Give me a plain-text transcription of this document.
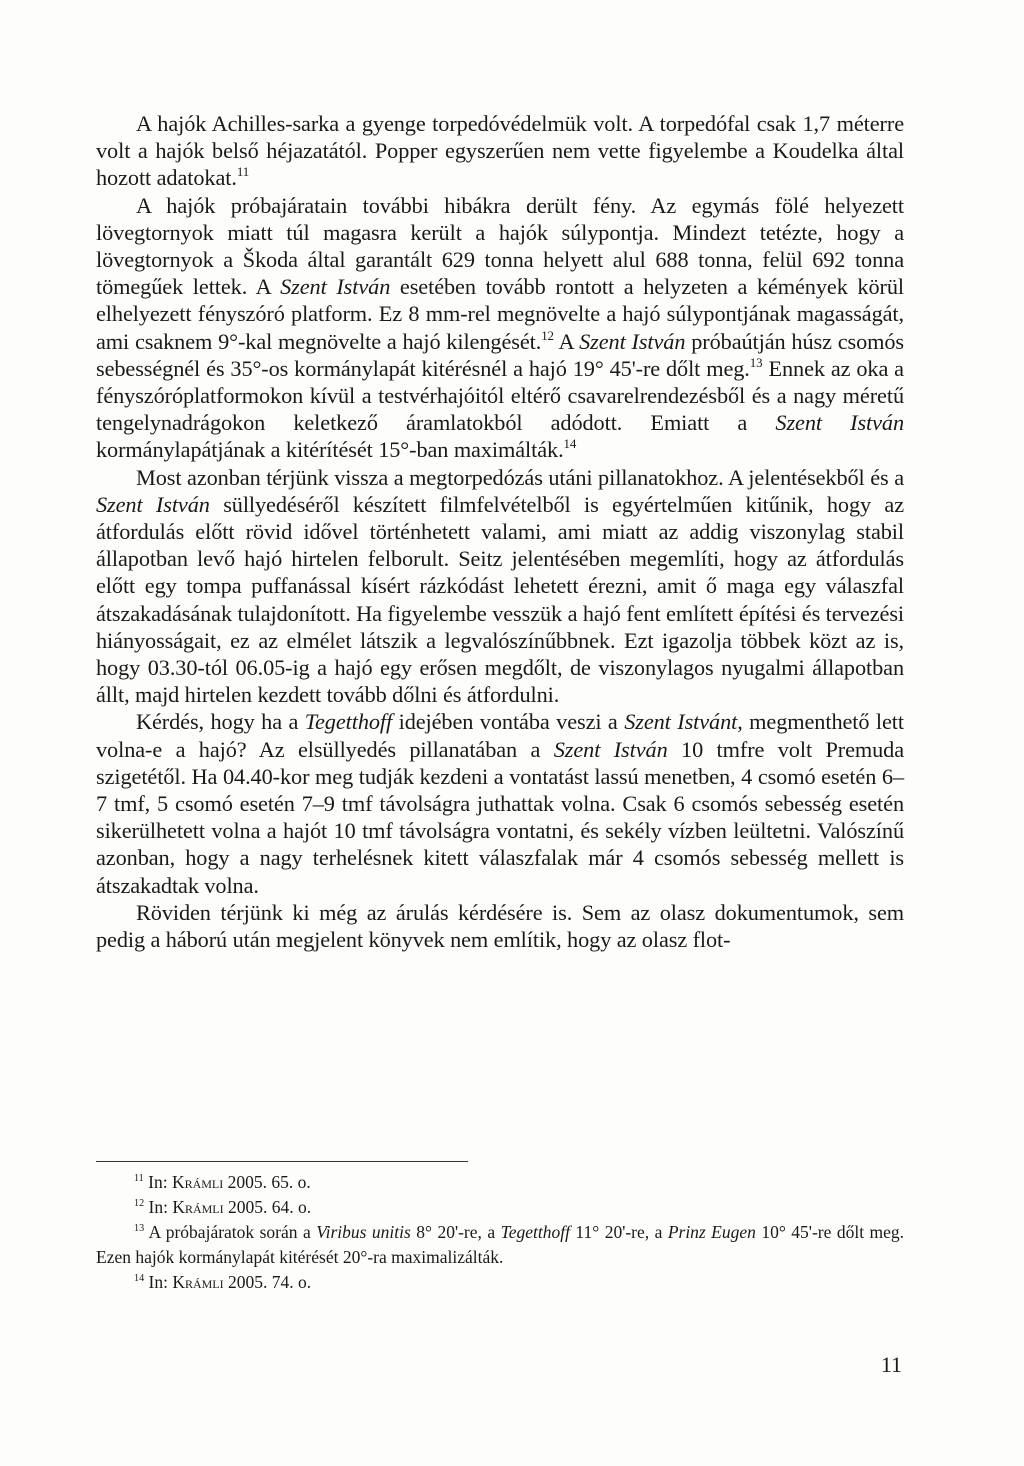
A hajók Achilles-sarka a gyenge torpedóvédelmük volt. A torpedófal csak 1,7 méterre volt a hajók belső héjazatától. Popper egyszerűen nem vette figyelembe a Koudelka által hozott adatokat.$^{11}$

A hajók próbajáratain további hibákra derült fény. Az egymás fölé helyezett lövegtornyok miatt túl magasra került a hajók súlypontja. Mindezt tetézte, hogy a lövegtornyok a Škoda által garantált 629 tonna helyett alul 688 tonna, felül 692 tonna tömegűek lettek. A Szent István esetében tovább rontott a helyzeten a kémények körül elhelyezett fényszóró platform. Ez 8 mm-rel megnövelte a hajó súlypontjának magasságát, ami csaknem 9°-kal megnövelte a hajó kilengését.$^{12}$ A Szent István próbaútján húsz csomós sebességnél és 35°-os kormánylapát kitérésnél a hajó 19° 45'-re dőlt meg.$^{13}$ Ennek az oka a fényszóróplatformokon kívül a testvérhajóitól eltérő csavarelrendezésből és a nagy méretű tengelynadrágokon keletkező áramlatokból adódott. Emiatt a Szent István kormánylapátjának a kitérítését 15°-ban maximálták.$^{14}$

Most azonban térjünk vissza a megtorpedózás utáni pillanatokhoz. A jelentésekből és a Szent István süllyedéséről készített filmfelvételből is egyértelműen kitűnik, hogy az átfordulás előtt rövid idővel történhetett valami, ami miatt az addig viszonylag stabil állapotban levő hajó hirtelen felborult. Seitz jelentésében megemlíti, hogy az átfordulás előtt egy tompa puffanással kísért rázkódást lehetett érezni, amit ő maga egy válaszfal átszakadásának tulajdonított. Ha figyelembe vesszük a hajó fent említett építési és tervezési hiányosságait, ez az elmélet látszik a legvalószínűbbnek. Ezt igazolja többek közt az is, hogy 03.30-tól 06.05-ig a hajó egy erősen megdőlt, de viszonylagos nyugalmi állapotban állt, majd hirtelen kezdett tovább dőlni és átfordulni.

Kérdés, hogy ha a Tegetthoff idejében vontába veszi a Szent Istvánt, megmenthető lett volna-e a hajó? Az elsüllyedés pillanatában a Szent István 10 tmfre volt Premuda szigetétől. Ha 04.40-kor meg tudják kezdeni a vontatást lassú menetben, 4 csomó esetén 6–7 tmf, 5 csomó esetén 7–9 tmf távolságra juthattak volna. Csak 6 csomós sebesség esetén sikerülhetett volna a hajót 10 tmf távolságra vontatni, és sekély vízben leültetni. Valószínű azonban, hogy a nagy terhelésnek kitett válaszfalak már 4 csomós sebesség mellett is átszakadtak volna.

Röviden térjünk ki még az árulás kérdésére is. Sem az olasz dokumentumok, sem pedig a háború után megjelent könyvek nem említik, hogy az olasz flot-

$^{11}$ In: Krámli 2005. 65. o.

$^{12}$ In: Krámli 2005. 64. o.

$^{13}$ A próbajáratok során a Viribus unitis 8° 20'-re, a Tegetthoff 11° 20'-re, a Prinz Eugen 10° 45'-re dőlt meg. Ezen hajók kormánylapát kitérését 20°-ra maximalizálták.

$^{14}$ In: Krámli 2005. 74. o.

11
